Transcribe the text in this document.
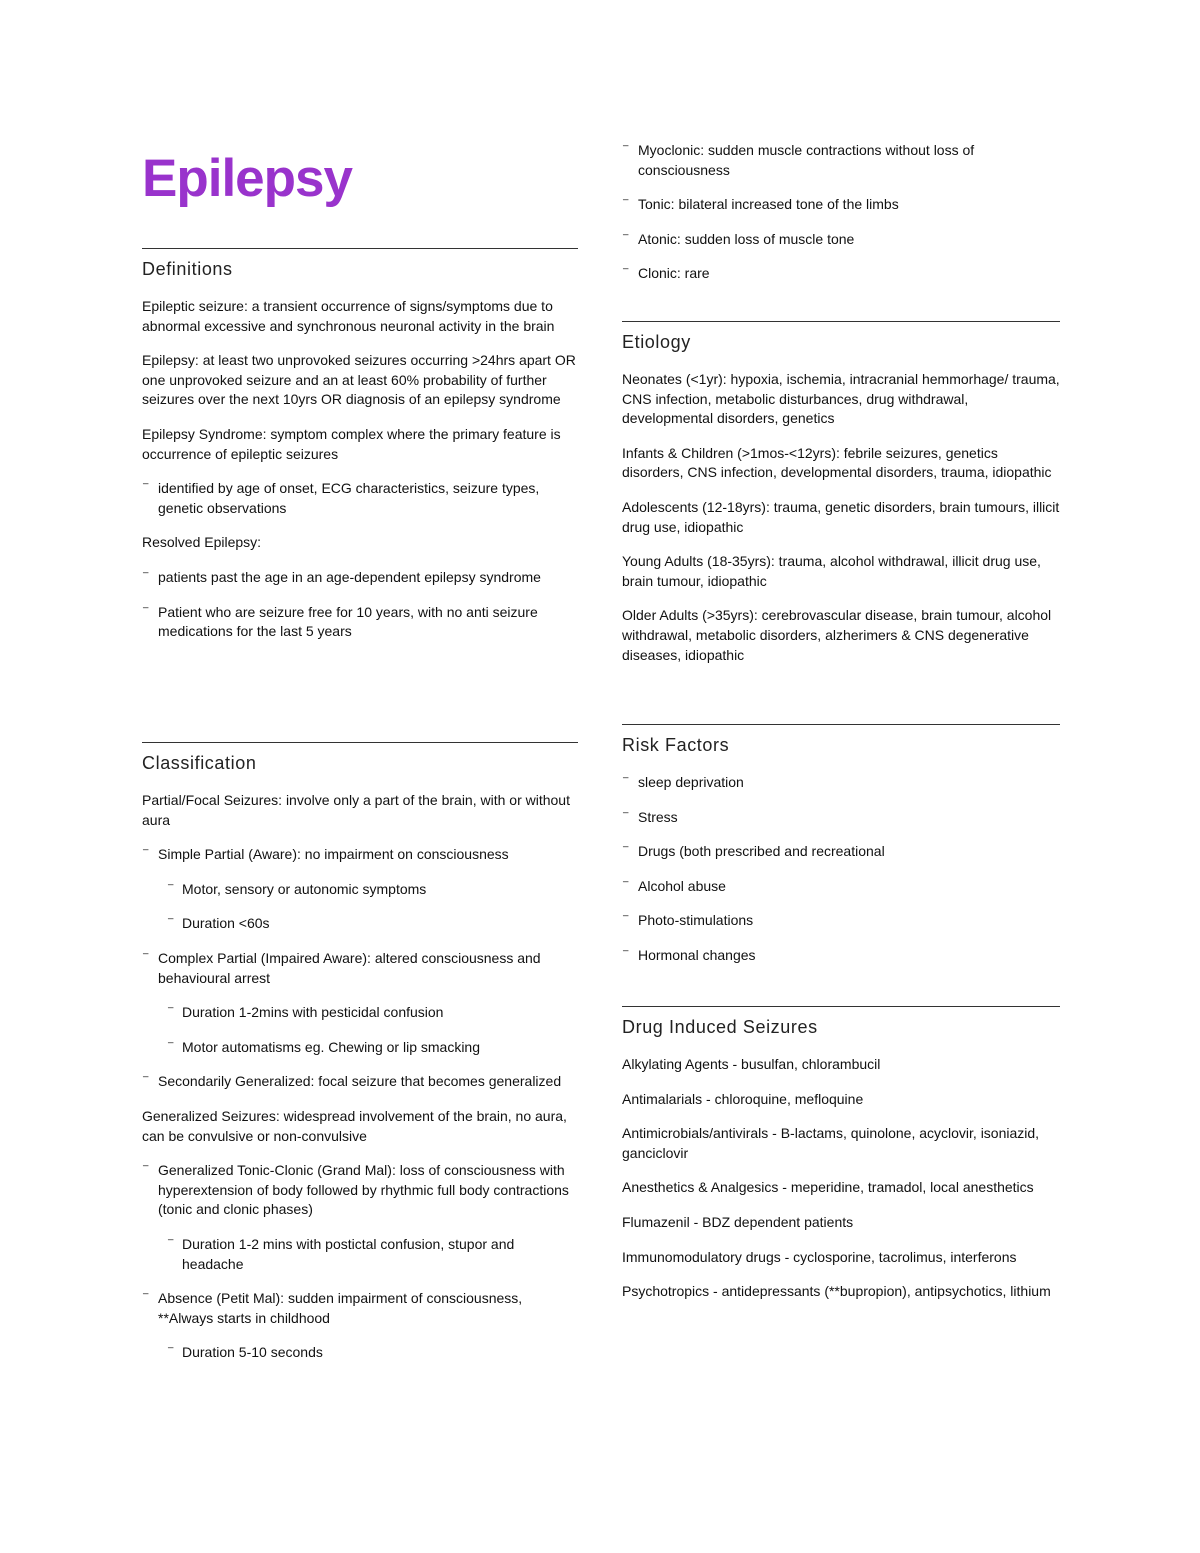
Epilepsy
Definitions

Epileptic seizure: a transient occurrence of signs/symptoms due to abnormal excessive and synchronous neuronal activity in the brain

Epilepsy: at least two unprovoked seizures occurring >24hrs apart OR one unprovoked seizure and an at least 60% probability of further seizures over the next 10yrs OR diagnosis of an epilepsy syndrome

Epilepsy Syndrome: symptom complex where the primary feature is occurrence of epileptic seizures

⁻ identified by age of onset, ECG characteristics, seizure types, genetic observations

Resolved Epilepsy:

⁻ patients past the age in an age-dependent epilepsy syndrome
⁻ Patient who are seizure free for 10 years, with no anti seizure medications for the last 5 years
Classification

Partial/Focal Seizures: involve only a part of the brain, with or without aura

⁻ Simple Partial (Aware): no impairment on consciousness
⁻ Motor, sensory or autonomic symptoms
⁻ Duration <60s
⁻ Complex Partial (Impaired Aware): altered consciousness and behavioural arrest
⁻ Duration 1-2mins with pesticidal confusion
⁻ Motor automatisms eg. Chewing or lip smacking
⁻ Secondarily Generalized: focal seizure that becomes generalized

Generalized Seizures: widespread involvement of the brain, no aura, can be convulsive or non-convulsive

⁻ Generalized Tonic-Clonic (Grand Mal): loss of consciousness with hyperextension of body followed by rhythmic full body contractions (tonic and clonic phases)
⁻ Duration 1-2 mins with postictal confusion, stupor and headache
⁻ Absence (Petit Mal): sudden impairment of consciousness, **Always starts in childhood
⁻ Duration 5-10 seconds
⁻ Myoclonic: sudden muscle contractions without loss of consciousness
⁻ Tonic: bilateral increased tone of the limbs
⁻ Atonic: sudden loss of muscle tone
⁻ Clonic: rare
Etiology

Neonates (<1yr): hypoxia, ischemia, intracranial hemmorhage/ trauma, CNS infection, metabolic disturbances, drug withdrawal, developmental disorders, genetics

Infants & Children (>1mos-<12yrs): febrile seizures, genetics disorders, CNS infection, developmental disorders, trauma, idiopathic

Adolescents (12-18yrs): trauma, genetic disorders, brain tumours, illicit drug use, idiopathic

Young Adults (18-35yrs): trauma, alcohol withdrawal, illicit drug use, brain tumour, idiopathic

Older Adults (>35yrs): cerebrovascular disease, brain tumour, alcohol withdrawal, metabolic disorders, alzherimers & CNS degenerative diseases, idiopathic

Risk Factors
⁻ sleep deprivation
⁻ Stress
⁻ Drugs (both prescribed and recreational
⁻ Alcohol abuse
⁻ Photo-stimulations
⁻ Hormonal changes
Drug Induced Seizures

Alkylating Agents - busulfan, chlorambucil

Antimalarials - chloroquine, mefloquine

Antimicrobials/antivirals - B-lactams, quinolone, acyclovir, isoniazid, ganciclovir

Anesthetics & Analgesics - meperidine, tramadol, local anesthetics

Flumazenil - BDZ dependent patients

Immunomodulatory drugs - cyclosporine, tacrolimus, interferons

Psychotropics - antidepressants (**bupropion), antipsychotics, lithium
